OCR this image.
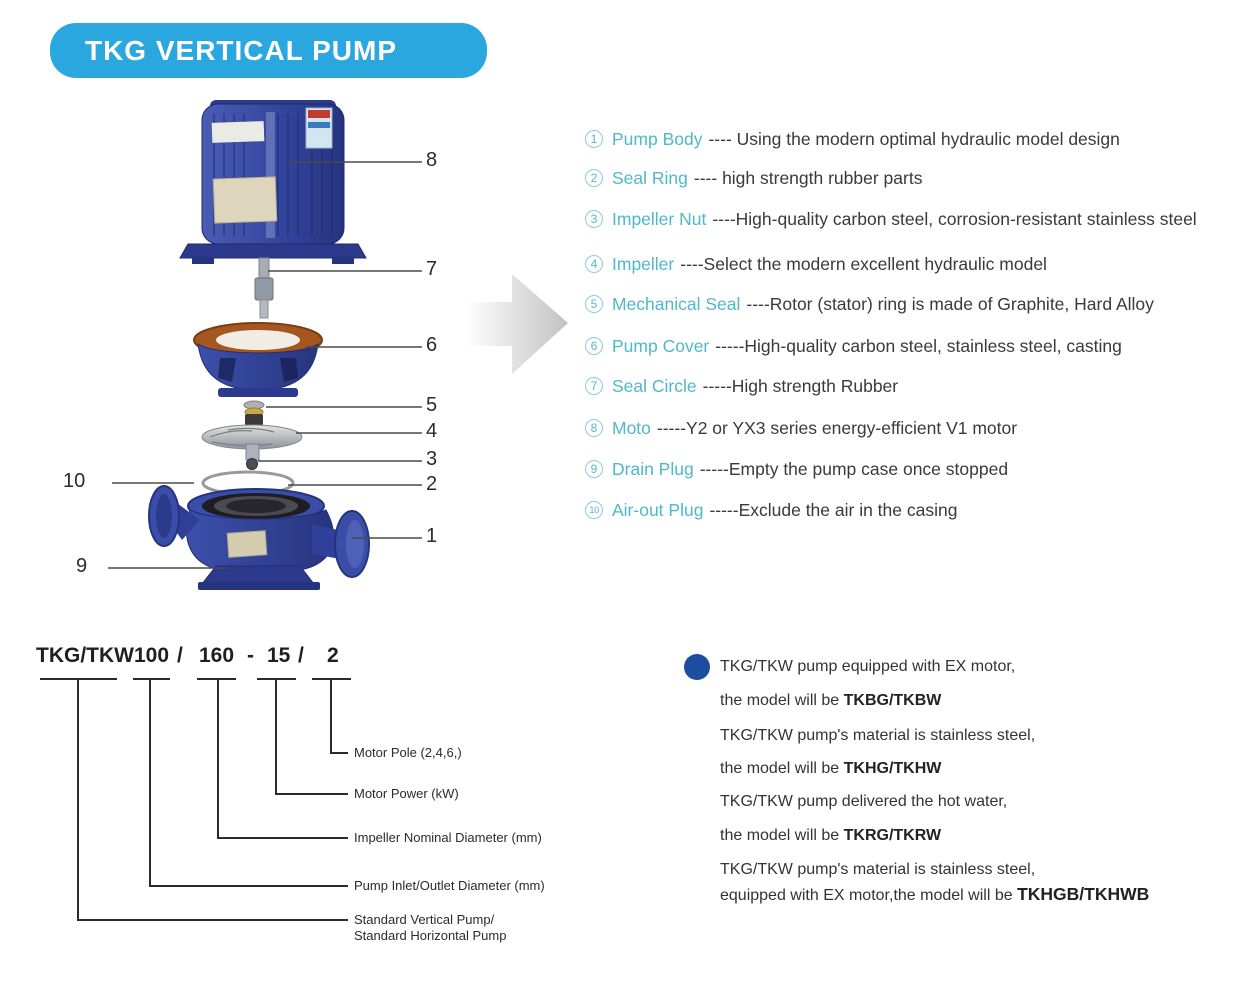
TKG VERTICAL PUMP
8
7
6
5
4
3
2
1
10
9
1 Pump Body ---- Using the modern optimal hydraulic model design
2 Seal Ring ---- high strength rubber parts
3 Impeller Nut ----High-quality carbon steel, corrosion-resistant stainless steel
4 Impeller ----Select the modern excellent hydraulic model
5 Mechanical Seal ----Rotor (stator) ring is made of Graphite, Hard Alloy
6 Pump Cover -----High-quality carbon steel, stainless steel, casting
7 Seal Circle -----High strength Rubber
8 Moto -----Y2 or YX3 series energy-efficient V1 motor
9 Drain Plug -----Empty the pump case once stopped
10 Air-out Plug -----Exclude the air in the casing
TKG/TKW 100 / 160 - 15 / 2
Motor Pole (2,4,6,)
Motor Power (kW)
Impeller Nominal Diameter (mm)
Pump Inlet/Outlet Diameter (mm)
Standard Vertical Pump/
Standard Horizontal Pump
TKG/TKW pump equipped with EX motor,
the model will be TKBG/TKBW
TKG/TKW pump's material is stainless steel,
the model will be TKHG/TKHW
TKG/TKW pump delivered the hot water,
the model will be TKRG/TKRW
TKG/TKW pump's material is stainless steel,
equipped with EX motor,the model will be TKHGB/TKHWB
